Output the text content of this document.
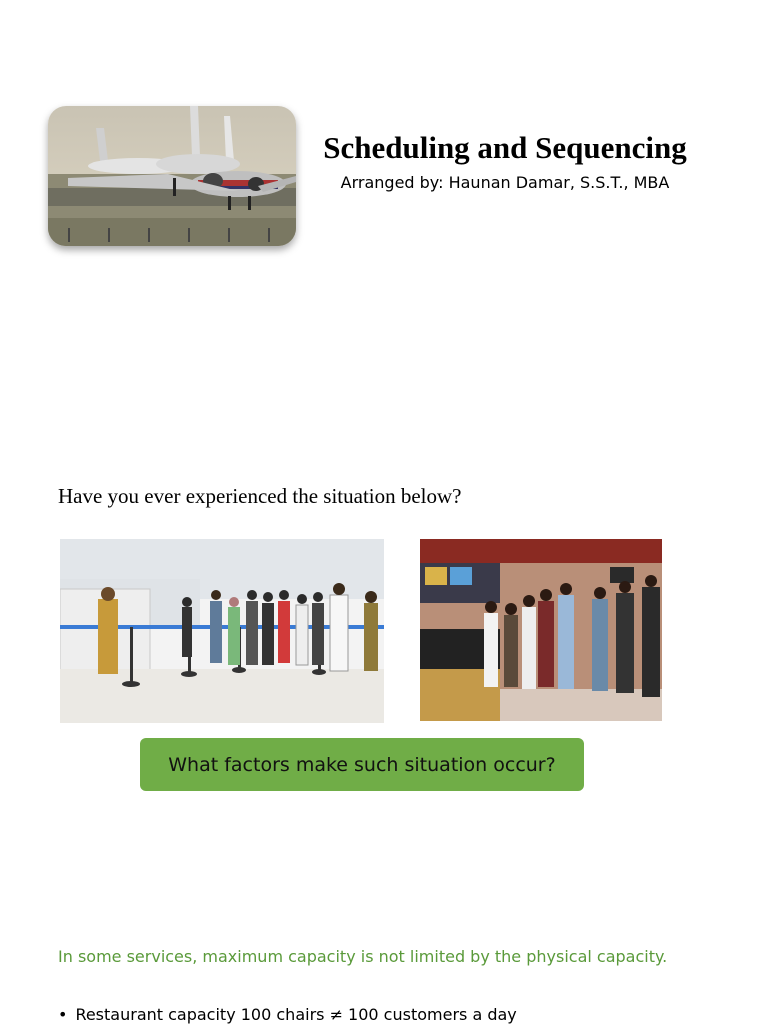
Scheduling and Sequencing
Arranged by: Haunan Damar, S.S.T., MBA
Have you ever experienced the situation below?
What factors make such situation occur?
In some services, maximum capacity is not limited by the physical capacity.
• Restaurant capacity 100 chairs ≠ 100 customers a day
